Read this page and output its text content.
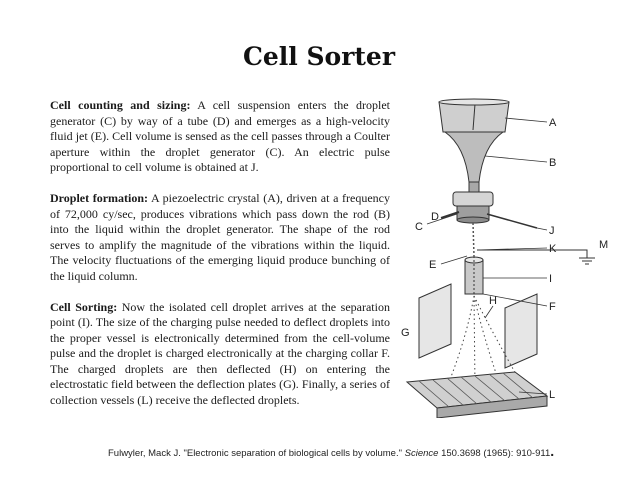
Cell Sorter

Cell counting and sizing: A cell suspension enters the droplet generator (C) by way of a tube (D) and emerges as a high-velocity fluid jet (E). Cell volume is sensed as the cell passes through a Coulter aperture within the droplet generator (C). An electric pulse proportional to cell volume is obtained at J.

Droplet formation: A piezoelectric crystal (A), driven at a frequency of 72,000 cy/sec, produces vibrations which pass down the rod (B) into the liquid within the droplet generator. The shape of the rod serves to amplify the magnitude of the vibrations within the liquid. The velocity fluctuations of the emerging liquid produce bunching of the liquid column.

Cell Sorting: Now the isolated cell droplet arrives at the separation point (I). The size of the charging pulse needed to deflect droplets into the proper vessel is electronically determined from the cell-volume pulse and the droplet is charged electronically at the charging collar F. The charged droplets are then deflected (H) on entering the electrostatic field between the deflection plates (G). Finally, a series of collection vessels (L) receive the deflected droplets.

A
B
C
D
J
K	M
E
I
F
H
G
L
Fulwyler, Mack J. "Electronic separation of biological cells by volume." Science 150.3698 (1965): 910-911.
